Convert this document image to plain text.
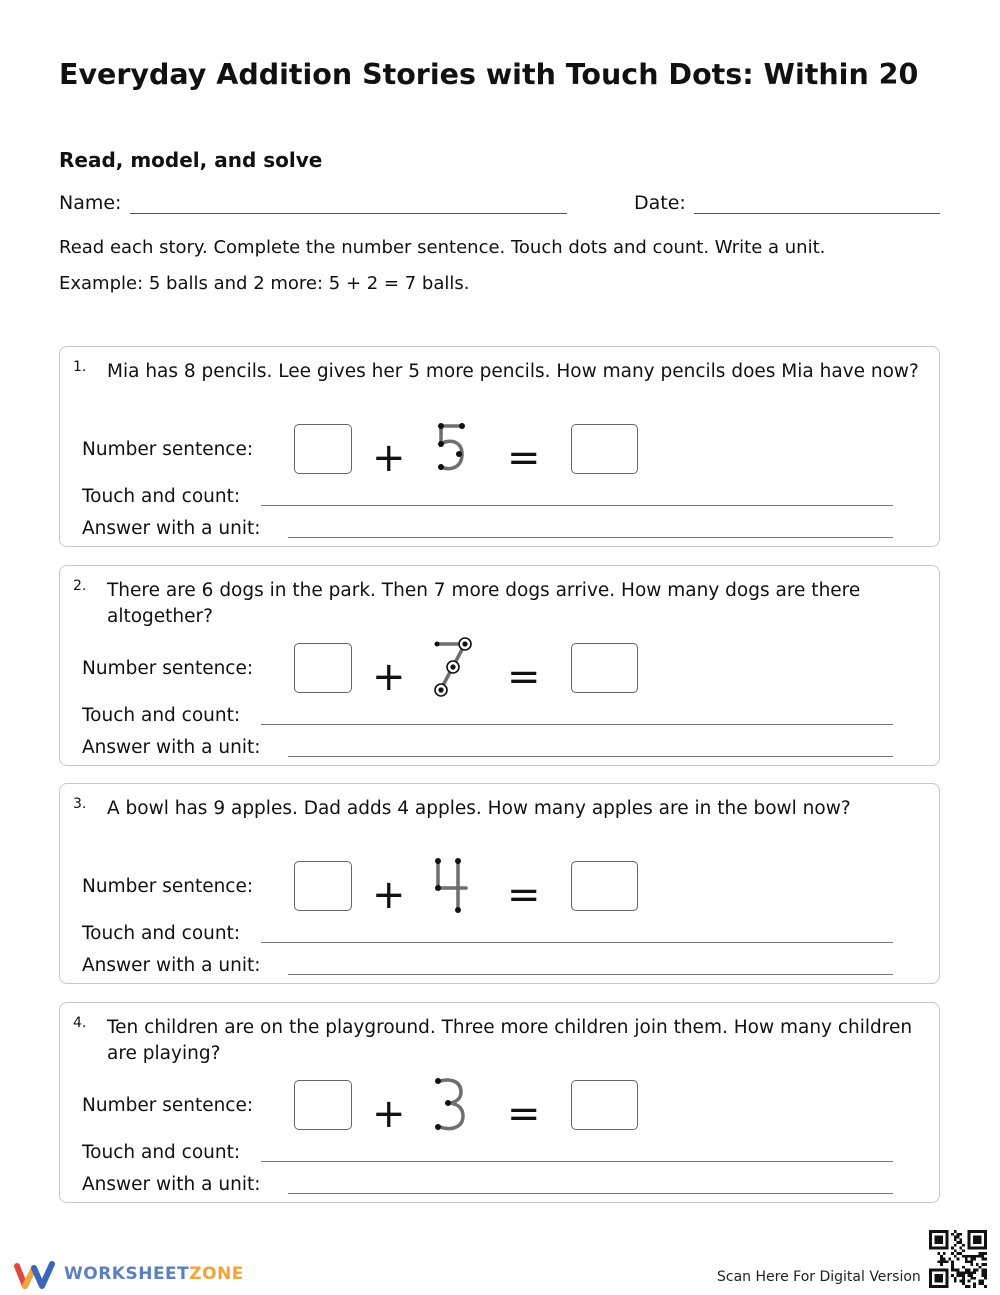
Everyday Addition Stories with Touch Dots: Within 20
Read, model, and solve
Name:	Date:

Read each story. Complete the number sentence. Touch dots and count. Write a unit.

Example: 5 balls and 2 more: 5 + 2 = 7 balls.

1. Mia has 8 pencils. Lee gives her 5 more pencils. How many pencils does Mia have now?
Number sentence:	+	=
Touch and count:
Answer with a unit:
2. There are 6 dogs in the park. Then 7 more dogs arrive. How many dogs are there altogether?
Number sentence:	+	=
Touch and count:
Answer with a unit:
3. A bowl has 9 apples. Dad adds 4 apples. How many apples are in the bowl now?
Number sentence:	+	=
Touch and count:
Answer with a unit:
4. Ten children are on the playground. Three more children join them. How many children are playing?
Number sentence:	+	=
Touch and count:
Answer with a unit:
WORKSHEETZONE	Scan Here For Digital Version
